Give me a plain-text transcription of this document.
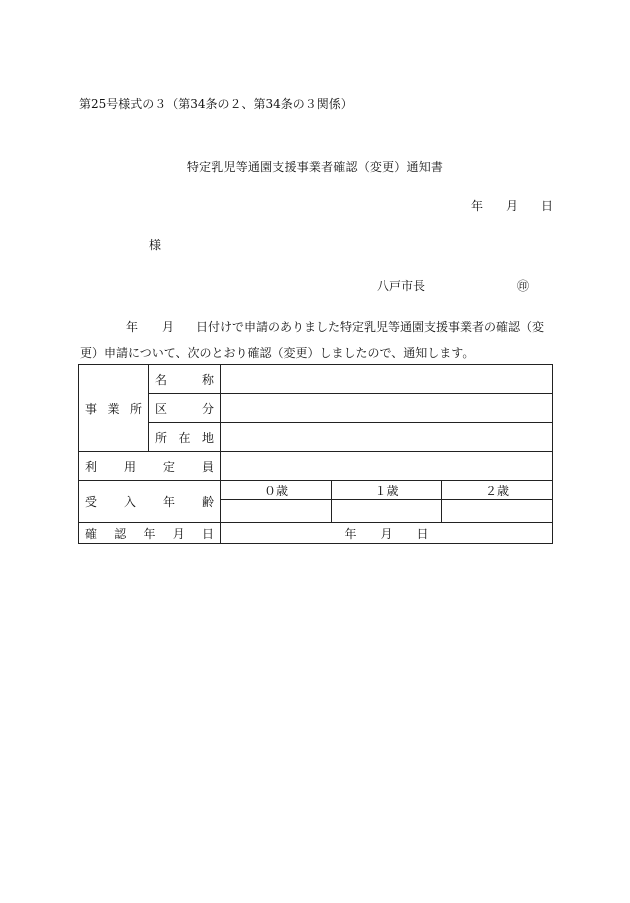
第25号様式の３（第34条の２、第34条の３関係）
特定乳児等通園支援事業者確認（変更）通知書
年 月 日
様
八戸市長	㊞
年 月 日付けで申請のありました特定乳児等通園支援事業者の確認（変
更）申請について、次のとおり確認（変更）しましたので、通知します。
事 業 所	名 称			

	区 分			

	所 在 地			

利 用 定 員				

受 入 年 齢		０歳	１歳	２歳

確 認 年 月 日		年 月 日		
